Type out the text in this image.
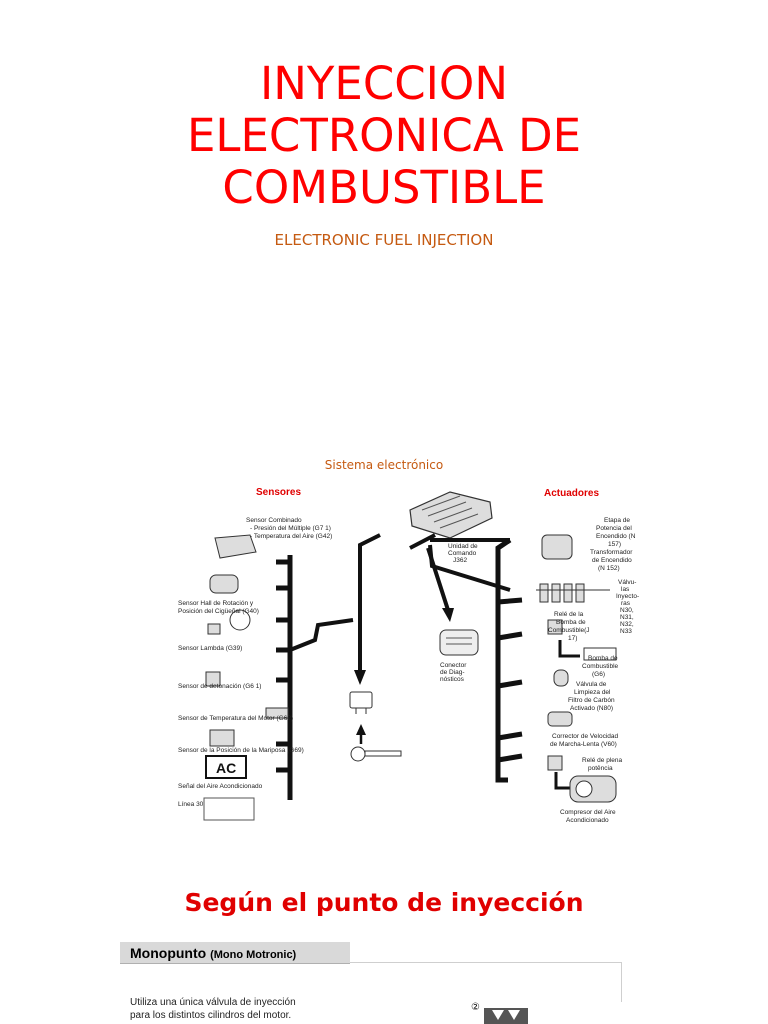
INYECCION
ELECTRONICA DE
COMBUSTIBLE
ELECTRONIC FUEL INJECTION
Sistema electrónico
Sensores	Actuadores
Unidad de Comando J362
Conector de Diag- nósticos
AC
Sensor Combinado - Presión del Múltiple (G7 1) - Temperatura del Aire (G42)
Sensor Hall de Rotación y Posición del Cigüeñal (G40)
Sensor Lambda (G39)
Sensor de detonación (G6 1)
Sensor de Temperatura del Motor (G62)
Sensor de la Posición de la Mariposa (G69)
Señal del Aire Acondicionado
Línea 30
Etapa de Potencia del Encendido (N 157) Transformador de Encendido (N 152)
Válvu- las Inyecto- ras N30, N31, N32, N33
Relé de la Bomba de Combustible(J 17)
Bomba de Combustible (G6)
Válvula de Limpieza del Filtro de Carbón Activado (N80)
Corrector de Velocidad de Marcha-Lenta (V60)
Relé de plena potência
Compresor del Aire Acondicionado
Según el punto de inyección
Monopunto (Mono Motronic)
Utiliza una única válvula de inyección
para los distintos cilindros del motor.
②
